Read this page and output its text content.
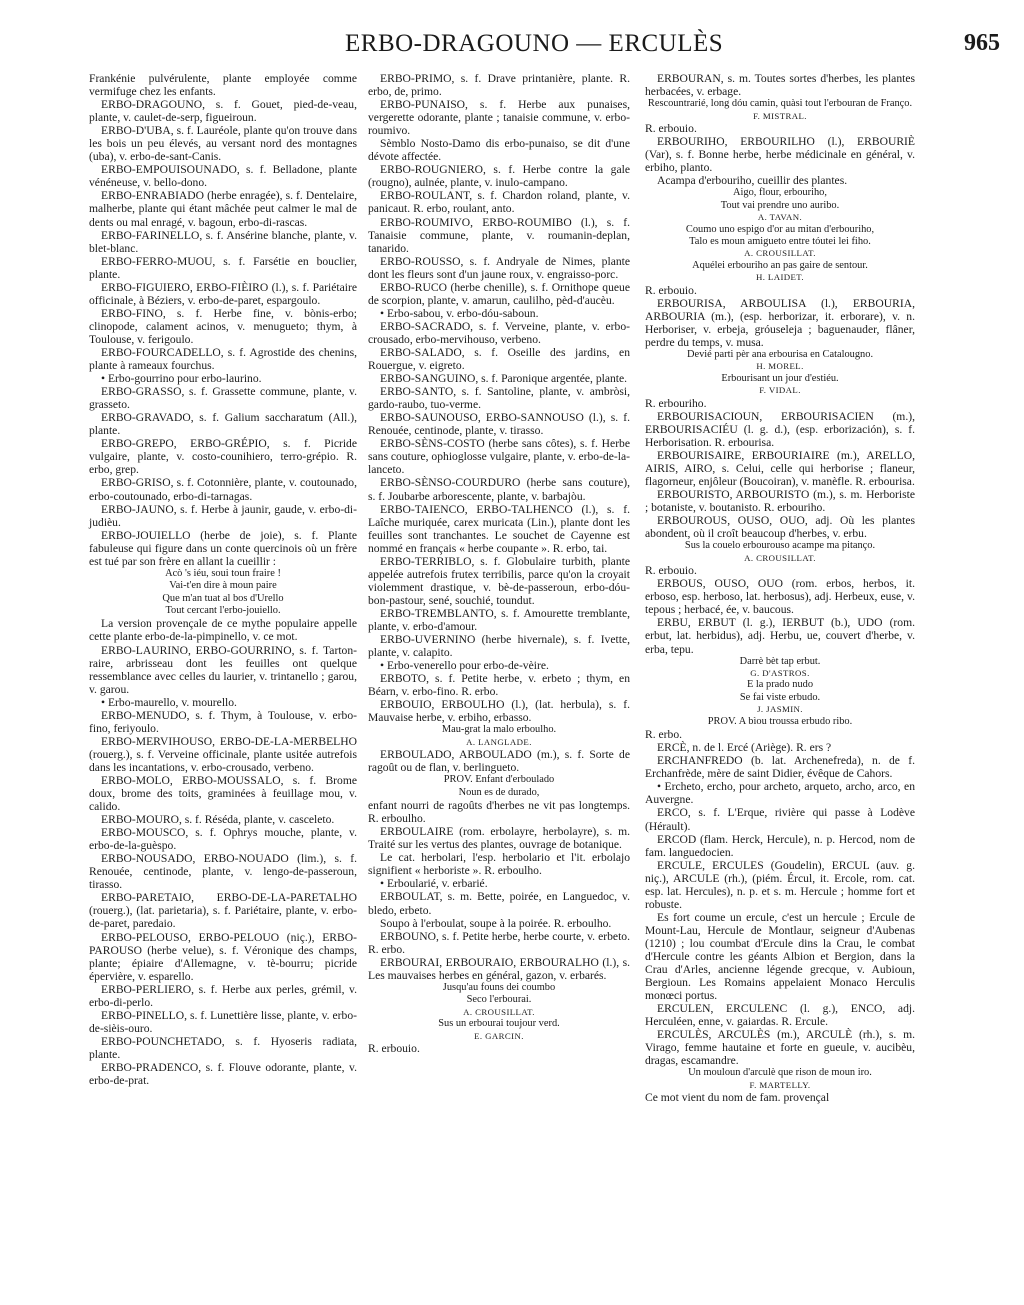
ERBO-DRAGOUNO — ERCULÈS	965

Frankénie pulvérulente, plante employée comme vermifuge chez les enfants.

ERBO-DRAGOUNO, s. f. Gouet, pied-de-veau, plante, v. caulet-de-serp, figueiroun.

ERBO-D'UBA, s. f. Lauréole, plante qu'on trouve dans les bois un peu élevés, au versant nord des montagnes (uba), v. erbo-de-sant-Canis.

ERBO-EMPOUISOUNADO, s. f. Belladone, plante vénéneuse, v. bello-dono.

ERBO-ENRABIADO (herbe enragée), s. f. Dentelaire, malherbe, plante qui étant mâchée peut calmer le mal de dents ou mal enragé, v. bagoun, erbo-di-rascas.

ERBO-FARINELLO, s. f. Ansérine blanche, plante, v. blet-blanc.

ERBO-FERRO-MUOU, s. f. Farsétie en bouclier, plante.

ERBO-FIGUIERO, ERBO-FIÈIRO (l.), s. f. Pariétaire officinale, à Béziers, v. erbo-de-paret, espargoulo.

ERBO-FINO, s. f. Herbe fine, v. bònis-erbo; clinopode, calament acinos, v. menugueto; thym, à Toulouse, v. ferigoulo.

ERBO-FOURCADELLO, s. f. Agrostide des chenins, plante à rameaux fourchus.

• Erbo-gourrino pour erbo-laurino.

ERBO-GRASSO, s. f. Grassette commune, plante, v. grasseto.

ERBO-GRAVADO, s. f. Galium saccharatum (All.), plante.

ERBO-GREPO, ERBO-GRÉPIO, s. f. Picride vulgaire, plante, v. costo-counihiero, terro-grépio. R. erbo, grep.

ERBO-GRISO, s. f. Cotonnière, plante, v. coutounado, erbo-coutounado, erbo-di-tarnagas.

ERBO-JAUNO, s. f. Herbe à jaunir, gaude, v. erbo-di-judièu.

ERBO-JOUIELLO (herbe de joie), s. f. Plante fabuleuse qui figure dans un conte quercinois où un frère est tué par son frère en allant la cueillir :

Acò 's iéu, soui toun fraire !

Vai-t'en dire à moun paire

Que m'an tuat al bos d'Urello

Tout cercant l'erbo-jouiello.

La version provençale de ce mythe populaire appelle cette plante erbo-de-la-pimpinello, v. ce mot.

ERBO-LAURINO, ERBO-GOURRINO, s. f. Tarton-raire, arbrisseau dont les feuilles ont quelque ressemblance avec celles du laurier, v. trintanello ; garou, v. garou.

• Erbo-maurello, v. mourello.

ERBO-MENUDO, s. f. Thym, à Toulouse, v. erbo-fino, feriyoulo.

ERBO-MERVIHOUSO, ERBO-DE-LA-MERBELHO (rouerg.), s. f. Verveine officinale, plante usitée autrefois dans les incantations, v. erbo-crousado, verbeno.

ERBO-MOLO, ERBO-MOUSSALO, s. f. Brome doux, brome des toits, graminées à feuillage mou, v. calido.

ERBO-MOURO, s. f. Réséda, plante, v. casceleto.

ERBO-MOUSCO, s. f. Ophrys mouche, plante, v. erbo-de-la-guèspo.

ERBO-NOUSADO, ERBO-NOUADO (lim.), s. f. Renouée, centinode, plante, v. lengo-de-passeroun, tirasso.

ERBO-PARETAIO, ERBO-DE-LA-PARETALHO (rouerg.), (lat. parietaria), s. f. Pariétaire, plante, v. erbo-de-paret, paredaio.

ERBO-PELOUSO, ERBO-PELOUO (niç.), ERBO-PAROUSO (herbe velue), s. f. Véronique des champs, plante; épiaire d'Allemagne, v. tè-bourru; picride épervière, v. esparello.

ERBO-PERLIERO, s. f. Herbe aux perles, grémil, v. erbo-di-perlo.

ERBO-PINELLO, s. f. Lunettière lisse, plante, v. erbo-de-sièis-ouro.

ERBO-POUNCHETADO, s. f. Hyoseris radiata, plante.

ERBO-PRADENCO, s. f. Flouve odorante, plante, v. erbo-de-prat.

ERBO-PRIMO, s. f. Drave printanière, plante. R. erbo, de, primo.

ERBO-PUNAISO, s. f. Herbe aux punaises, vergerette odorante, plante ; tanaisie commune, v. erbo-roumivo.

Sèmblo Nosto-Damo dis erbo-punaiso, se dit d'une dévote affectée.

ERBO-ROUGNIERO, s. f. Herbe contre la gale (rougno), aulnée, plante, v. inulo-campano.

ERBO-ROULANT, s. f. Chardon roland, plante, v. panicaut. R. erbo, roulant, anto.

ERBO-ROUMIVO, ERBO-ROUMIBO (l.), s. f. Tanaisie commune, plante, v. roumanin-deplan, tanarido.

ERBO-ROUSSO, s. f. Andryale de Nimes, plante dont les fleurs sont d'un jaune roux, v. engraisso-porc.

ERBO-RUCO (herbe chenille), s. f. Ornithope queue de scorpion, plante, v. amarun, caulilho, pèd-d'aucèu.

• Erbo-sabou, v. erbo-dóu-saboun.

ERBO-SACRADO, s. f. Verveine, plante, v. erbo-crousado, erbo-mervihouso, verbeno.

ERBO-SALADO, s. f. Oseille des jardins, en Rouergue, v. eigreto.

ERBO-SANGUINO, s. f. Paronique argentée, plante.

ERBO-SANTO, s. f. Santoline, plante, v. ambròsi, gardo-raubo, tuo-verme.

ERBO-SAUNOUSO, ERBO-SANNOUSO (l.), s. f. Renouée, centinode, plante, v. tirasso.

ERBO-SÈNS-COSTO (herbe sans côtes), s. f. Herbe sans couture, ophioglosse vulgaire, plante, v. erbo-de-la-lanceto.

ERBO-SÈNSO-COURDURO (herbe sans couture), s. f. Joubarbe arborescente, plante, v. barbajòu.

ERBO-TAIENCO, ERBO-TALHENCO (l.), s. f. Laîche muriquée, carex muricata (Lin.), plante dont les feuilles sont tranchantes. Le souchet de Cayenne est nommé en français « herbe coupante ». R. erbo, tai.

ERBO-TERRIBLO, s. f. Globulaire turbith, plante appelée autrefois frutex terribilis, parce qu'on la croyait violemment drastique, v. bè-de-passeroun, erbo-dóu-bon-pastour, sené, souchié, toundut.

ERBO-TREMBLANTO, s. f. Amourette tremblante, plante, v. erbo-d'amour.

ERBO-UVERNINO (herbe hivernale), s. f. Ivette, plante, v. calapito.

• Erbo-venerello pour erbo-de-vèire.

ERBOTO, s. f. Petite herbe, v. erbeto ; thym, en Béarn, v. erbo-fino. R. erbo.

ERBOUIO, ERBOULHO (l.), (lat. herbula), s. f. Mauvaise herbe, v. erbiho, erbasso.

Mau-grat la malo erboulho.

A. LANGLADE.

ERBOULADO, ARBOULADO (m.), s. f. Sorte de ragoût ou de flan, v. berlingueto.

PROV. Enfant d'erboulado

Noun es de durado,

enfant nourri de ragoûts d'herbes ne vit pas longtemps. R. erboulho.

ERBOULAIRE (rom. erbolayre, herbolayre), s. m. Traité sur les vertus des plantes, ouvrage de botanique.

Le cat. herbolari, l'esp. herbolario et l'it. erbolajo signifient « herboriste ». R. erboulho.

• Erboularié, v. erbarié.

ERBOULAT, s. m. Bette, poirée, en Languedoc, v. bledo, erbeto.

Soupo à l'erboulat, soupe à la poirée. R. erboulho.

ERBOUNO, s. f. Petite herbe, herbe courte, v. erbeto. R. erbo.

ERBOURAI, ERBOURAIO, ERBOURALHO (l.), s. Les mauvaises herbes en général, gazon, v. erbarés.

Jusqu'au founs dei coumbo

Seco l'erbourai.

A. CROUSILLAT.

Sus un erbourai toujour verd.

E. GARCIN.

R. erbouio.

ERBOURAN, s. m. Toutes sortes d'herbes, les plantes herbacées, v. erbage.

Rescountrarié, long dóu camin, quàsi tout l'erbouran de Franço.

F. MISTRAL.

R. erbouio.

ERBOURIHO, ERBOURILHO (l.), ERBOURIÈ (Var), s. f. Bonne herbe, herbe médicinale en général, v. erbiho, planto.

Acampa d'erbouriho, cueillir des plantes.

Aigo, flour, erbouriho,

Tout vai prendre uno auribo.

A. TAVAN.

Coumo uno espigo d'or au mitan d'erbouriho,

Talo es moun amigueto entre tóutei lei fiho.

A. CROUSILLAT.

Aquélei erbouriho an pas gaire de sentour.

H. LAIDET.

R. erbouio.

ERBOURISA, ARBOULISA (l.), ERBOURIA, ARBOURIA (m.), (esp. herborizar, it. erborare), v. n. Herboriser, v. erbeja, gróuseleja ; baguenauder, flâner, perdre du temps, v. musa.

Devié parti pèr ana erbourisa en Catalougno.

H. MOREL.

Erbourisant un jour d'estiéu.

F. VIDAL.

R. erbouriho.

ERBOURISACIOUN, ERBOURISACIEN (m.), ERBOURISACIÉU (l. g. d.), (esp. erborización), s. f. Herborisation. R. erbourisa.

ERBOURISAIRE, ERBOURIAIRE (m.), ARELLO, AIRIS, AIRO, s. Celui, celle qui herborise ; flaneur, flagorneur, enjôleur (Boucoiran), v. manèfle. R. erbourisa.

ERBOURISTO, ARBOURISTO (m.), s. m. Herboriste ; botaniste, v. boutanisto. R. erbouriho.

ERBOUROUS, OUSO, OUO, adj. Où les plantes abondent, où il croît beaucoup d'herbes, v. erbu.

Sus la couelo erbourouso acampe ma pitanço.

A. CROUSILLAT.

R. erbouio.

ERBOUS, OUSO, OUO (rom. erbos, herbos, it. erboso, esp. herboso, lat. herbosus), adj. Herbeux, euse, v. tepous ; herbacé, ée, v. baucous.

ERBU, ERBUT (l. g.), IERBUT (b.), UDO (rom. erbut, lat. herbidus), adj. Herbu, ue, couvert d'herbe, v. erba, tepu.

Darrè bèt tap erbut.

G. D'ASTROS.

E la prado nudo

Se fai viste erbudo.

J. JASMIN.

PROV. A bìou troussa erbudo ribo.

R. erbo.

ERCÈ, n. de l. Ercé (Ariège). R. ers ?

ERCHANFREDO (b. lat. Archenefreda), n. de f. Erchanfrède, mère de saint Didier, évêque de Cahors.

• Ercheto, ercho, pour archeto, arqueto, archo, arco, en Auvergne.

ERCO, s. f. L'Erque, rivière qui passe à Lodève (Hérault).

ERCOD (flam. Herck, Hercule), n. p. Hercod, nom de fam. languedocien.

ERCULE, ERCULES (Goudelin), ERCUL (auv. g. niç.), ARCULE (rh.), (piém. Ércul, it. Ercole, rom. cat. esp. lat. Hercules), n. p. et s. m. Hercule ; homme fort et robuste.

Es fort coume un ercule, c'est un hercule ; Ercule de Mount-Lau, Hercule de Montlaur, seigneur d'Aubenas (1210) ; lou coumbat d'Ercule dins la Crau, le combat d'Hercule contre les géants Albion et Bergion, dans la Crau d'Arles, ancienne légende grecque, v. Aubioun, Bergioun. Les Romains appelaient Monaco Herculis monœci portus.

ERCULEN, ERCULENC (l. g.), ENCO, adj. Herculéen, enne, v. gaiardas. R. Ercule.

ERCULÈS, ARCULÈS (m.), ARCULÈ (rh.), s. m. Virago, femme hautaine et forte en gueule, v. aucibèu, dragas, escamandre.

Un mouloun d'arculè que rison de moun iro.

F. MARTELLY.

Ce mot vient du nom de fam. provençal
